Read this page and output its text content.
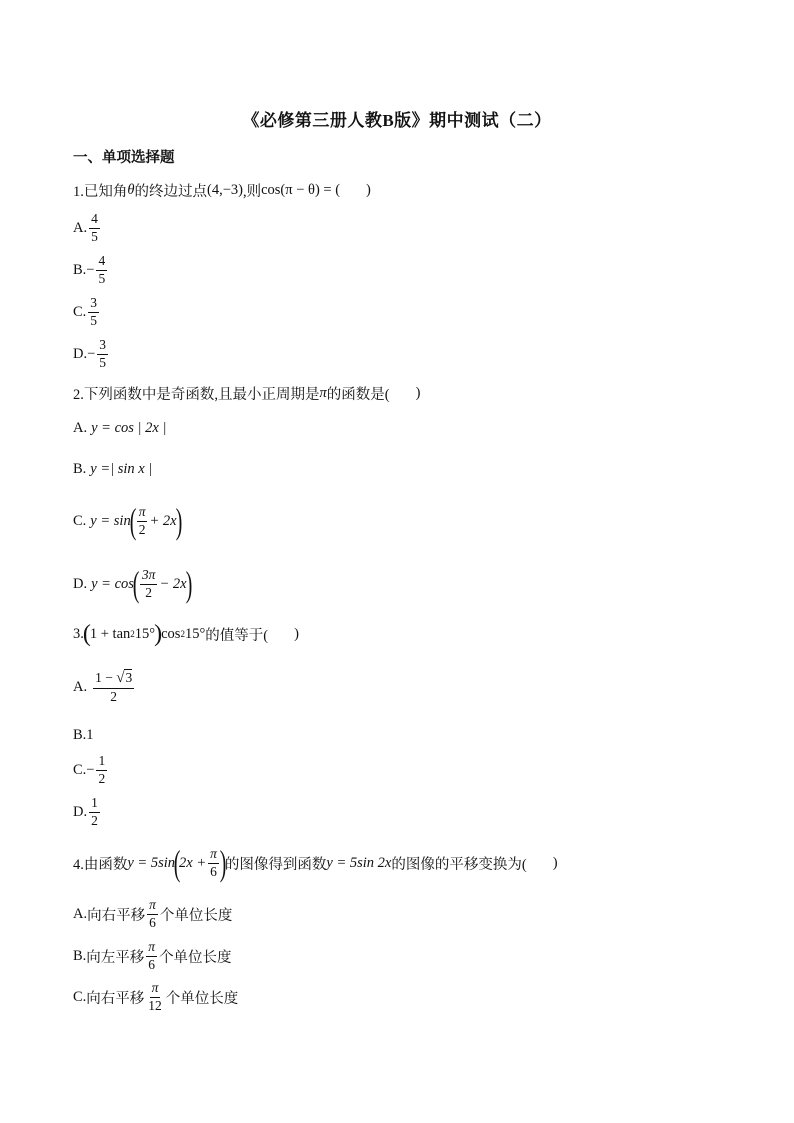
《必修第三册人教B版》期中测试（二）
一、单项选择题
1.已知角 θ 的终边过点 (4,−3) ,则 cos(π − θ) = ( )
A. $\frac{4}{5}$
B. − $\frac{4}{5}$
C. $\frac{3}{5}$
D. − $\frac{3}{5}$
2.下列函数中是奇函数,且最小正周期是 π 的函数是( )
A. y = cos | 2x |
B. y =| sin x |
C. y = sin
( $\frac{\pi}{2} + 2x$
)
D. y = cos
( $\frac{3\pi}{2} - 2x$
)
3. ( 1 + tan 2 15° ) cos 2 15° 的值等于( )
A. $\frac{1 - √3}{2}$
B. 1
C. − $\frac{1}{2}$
D. $\frac{1}{2}$
4.由函数 y = 5sin
(
$2x + \frac{\pi}{6}$ )
的图像得到函数 y = 5sin 2x 的图像的平移变换为( )
A. 向右平移 $\frac{\pi}{6}$ 个单位长度
B. 向左平移 $\frac{\pi}{6}$ 个单位长度
C. 向右平移 $\frac{\pi}{12}$ 个单位长度
